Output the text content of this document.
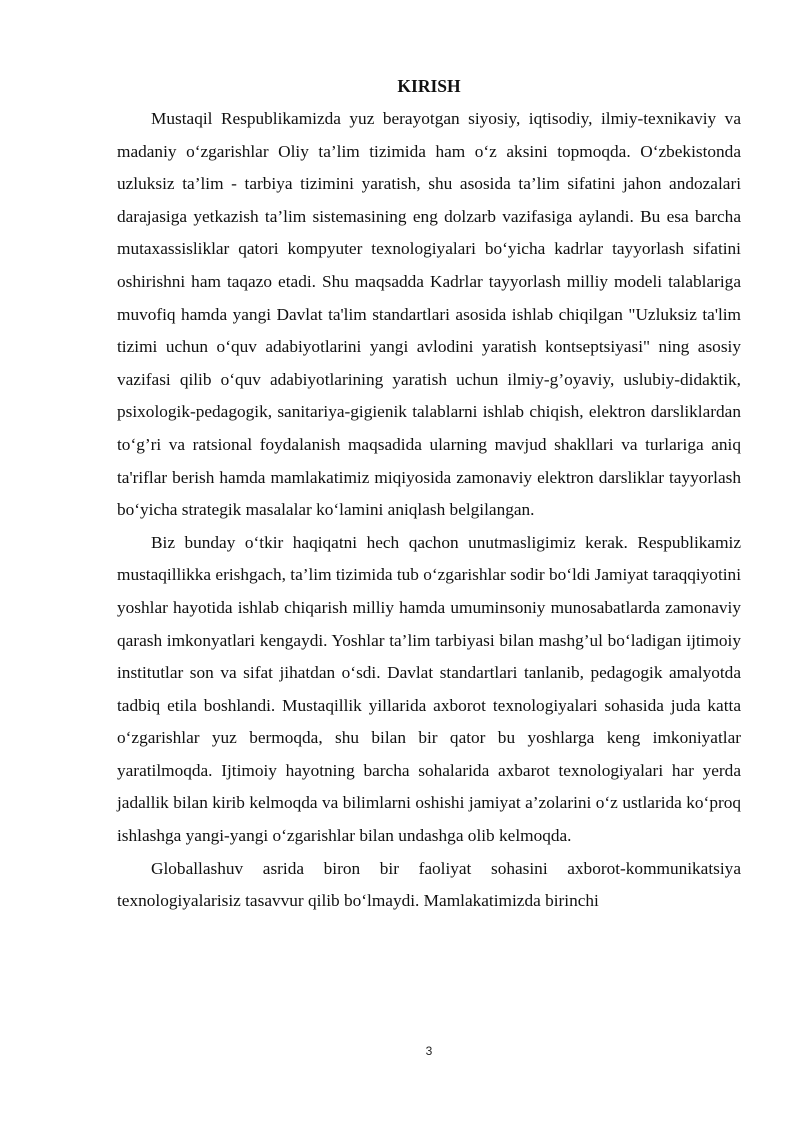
KIRISH

Mustaqil Respublikamizda yuz berayotgan siyosiy, iqtisodiy, ilmiy-texnikaviy va madaniy o‘zgarishlar Oliy ta’lim tizimida ham o‘z aksini topmoqda. O‘zbekistonda uzluksiz ta’lim - tarbiya tizimini yaratish, shu asosida ta’lim sifatini jahon andozalari darajasiga yetkazish ta’lim sistemasining eng dolzarb vazifasiga aylandi. Bu esa barcha mutaxassisliklar qatori kompyuter texnologiyalari bo‘yicha kadrlar tayyorlash sifatini oshirishni ham taqazo etadi. Shu maqsadda Kadrlar tayyorlash milliy modeli talablariga muvofiq hamda yangi Davlat ta'lim standartlari asosida ishlab chiqilgan "Uzluksiz ta'lim tizimi uchun o‘quv adabiyotlarini yangi avlodini yaratish kontseptsiyasi" ning asosiy vazifasi qilib o‘quv adabiyotlarining yaratish uchun ilmiy-g’oyaviy, uslubiy-didaktik, psixologik-pedagogik, sanitariya-gigienik talablarni ishlab chiqish, elektron darsliklardan to‘g’ri va ratsional foydalanish maqsadida ularning mavjud shakllari va turlariga aniq ta'riflar berish hamda mamlakatimiz miqiyosida zamonaviy elektron darsliklar tayyorlash bo‘yicha strategik masalalar ko‘lamini aniqlash belgilangan.

Biz bunday o‘tkir haqiqatni hech qachon unutmasligimiz kerak. Respublikamiz mustaqillikka erishgach, ta’lim tizimida tub o‘zgarishlar sodir bo‘ldi Jamiyat taraqqiyotini yoshlar hayotida ishlab chiqarish milliy hamda umuminsoniy munosabatlarda zamonaviy qarash imkonyatlari kengaydi. Yoshlar ta’lim tarbiyasi bilan mashg’ul bo‘ladigan ijtimoiy institutlar son va sifat jihatdan o‘sdi. Davlat standartlari tanlanib, pedagogik amalyotda tadbiq etila boshlandi. Mustaqillik yillarida axborot texnologiyalari sohasida juda katta o‘zgarishlar yuz bermoqda, shu bilan bir qator bu yoshlarga keng imkoniyatlar yaratilmoqda. Ijtimoiy hayotning barcha sohalarida axbarot texnologiyalari har yerda jadallik bilan kirib kelmoqda va bilimlarni oshishi jamiyat a’zolarini o‘z ustlarida ko‘proq ishlashga yangi-yangi o‘zgarishlar bilan undashga olib kelmoqda.

Globallashuv asrida biron bir faoliyat sohasini axborot-kommunikatsiya texnologiyalarisiz tasavvur qilib bo‘lmaydi. Mamlakatimizda birinchi

3
